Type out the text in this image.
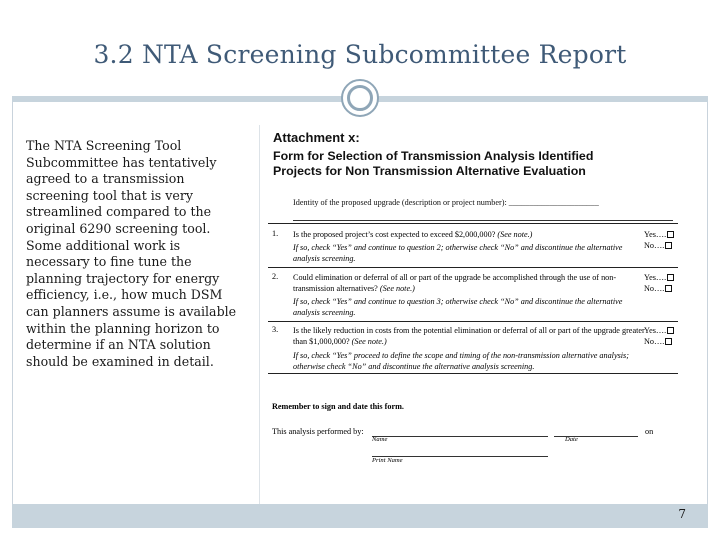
3.2 NTA Screening Subcommittee Report
The NTA Screening Tool Subcommittee has tentatively agreed to a transmission screening tool that is very streamlined compared to the original 6290 screening tool. Some additional work is necessary to fine tune the planning trajectory for energy efficiency, i.e., how much DSM can planners assume is available within the planning horizon to determine if an NTA solution should be examined in detail.
Attachment x:
Form for Selection of Transmission Analysis Identified Projects for Non Transmission Alternative Evaluation
Identity of the proposed upgrade (description or project number): ______________________
1. Is the proposed project’s cost expected to exceed $2,000,000? (See note.)
If so, check “Yes” and continue to question 2; otherwise check “No” and discontinue the alternative analysis screening.
Yes….
No….
2. Could elimination or deferral of all or part of the upgrade be accomplished through the use of non-transmission alternatives? (See note.)
If so, check “Yes” and continue to question 3; otherwise check “No” and discontinue the alternative analysis screening.
Yes….
No….
3. Is the likely reduction in costs from the potential elimination or deferral of all or part of the upgrade greater than $1,000,000? (See note.)
If so, check “Yes” proceed to define the scope and timing of the non-transmission alternative analysis; otherwise check “No” and discontinue the alternative analysis screening.
Yes….
No….
Remember to sign and date this form.
This analysis performed by:	on
Name	Date
Print Name
7
